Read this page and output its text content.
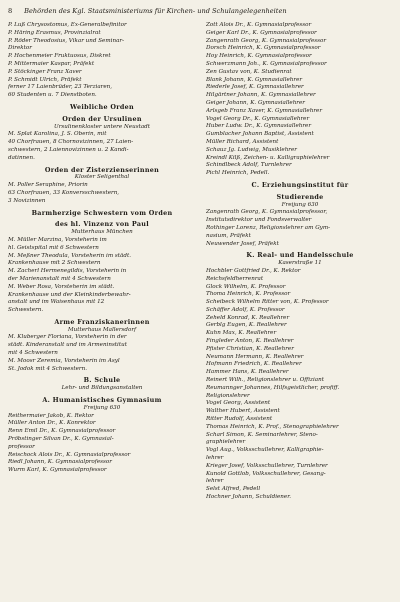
8 Behörden des Kgl. Staatsministeriums für Kirchen- und Schulangelegenheiten

P. Luß Chrysostomus, Ex-Generalbefinitor

P. Häring Erasmus, Provinzialrat

P. Röder Theodosius, Vikar und Seminar-

Direktor

P. Hochenmeier Fruktuosus, Diskret

P. Mittermaier Kaspar, Präfekt

P. Stöckinger Franz Xaver

P. Schmidt Ulrich, Präfekt

ferner 17 Laienbrüder, 23 Terziaren,

60 Studenten u. 7 Dienstboten.

Weibliche Orden

Orden der Ursulinen

Ursulinenkloster untere Neustadt

M. Splat Karolina, J. S. Oberin, mit

40 Chorfrauen, 8 Chornovizinnen, 27 Laien-

schwestern, 2 Laiennovizinnen u. 2 Kandi-

datinnen.

Orden der Zisterzienserinnen

Kloster Seligenthal

M. Poller Seraphine, Priorin

63 Chorfrauen, 33 Konversschwestern,

3 Novizinnen

Barmherzige Schwestern vom Orden

des hl. Vinzenz von Paul

Mutterhaus München

M. Müller Marzina, Vorsteherin im

hl. Geistspital mit 6 Schwestern

M. Meßner Theodula, Vorsteherin im städt.

Krankenhause mit 2 Schwestern

M. Zacherl Hermenegildis, Vorsteherin in

der Marienanstalt mit 4 Schwestern

M. Weber Rosa, Vorsteherin im städt.

Krankenhause und der Kleinkinderbewahr-

anstalt und im Waisenhaus mit 12

Schwestern.

Arme Franziskanerinnen

Mutterhaus Mallersdorf

M. Kluberger Floriana, Vorsteherin in der

städt. Kinderanstalt und im Armeninstitut

mit 4 Schwestern

M. Moosr Zeremia, Vorsteherin im Asyl

St. Jodok mit 4 Schwestern.

B. Schule

Lehr- und Bildungsanstalten

A. Humanistisches Gymnasium

Freijung 630

Reithermaier Jakob, K. Rektor

Müller Anton Dr., K. Konrektor

Renn Emil Dr., K. Gymnasialprofessor

Pröbstinger Silvan Dr., K. Gymnasial-

professor

Reischock Alois Dr., K. Gymnasialprofessor

Riedl Johann, K. Gymnasialprofessor

Wurm Karl, K. Gymnasialprofessor

Zott Alois Dr., K. Gymnasialprofessor

Geiger Karl Dr., K. Gymnasialprofessor

Zangenrath Georg, K. Gymnasialprofessor

Dorsch Heinrich, K. Gymnasialprofessor

Hoy Heinrich, K. Gymnasialprofessor

Schwerzmann Joh., K. Gymnasialprofessor

Zen Gustav von, K. Studienrat

Blank Johann, K. Gymnasiallehrer

Riederle Josef, K. Gymnasiallehrer

Hilgärtner Johann, K. Gymnasiallehrer

Geiger Johann, K. Gymnasiallehrer

Arlsgeb Franz Xaver, K. Gymnasiallehrer

Vogel Georg Dr., K. Gymnasiallehrer

Huber Ludw. Dr., K. Gymnasiallehrer

Gumblacher Johann Baptist, Assistent

Müller Richard, Assistent

Schauz Jg. Ludwig, Musiklehrer

Kreindl Kilß, Zeichen- u. Kalligraphielehrer

Schindlbeck Adolf, Turnlehrer

Pichl Heinrich, Pedell.

C. Erziehungsinstitut für

Studierende

Freijung 630

Zangenrath Georg, K. Gymnasialprofessor,

Institutsdirektor und Fondsverwalter

Rothinger Lorenz, Religionslehrer am Gym-

nasium, Präfekt

Neuwender Josef, Präfekt

K. Real- und Handelsschule

Kaserstraße 11

Hochbler Gottfried Dr., K. Rektor

Reichsfeldherrenrat

Glock Wilhelm, K. Professor

Thoma Heinrich, K. Professor

Scheibeck Wilhelm Ritter von, K. Professor

Schäffer Adolf, K. Professor

Zeheld Konrad, K. Reallehrer

Gerblg Eugen, K. Reallehrer

Kuhn Max, K. Reallehrer

Fingleder Anton, K. Reallehrer

Pfister Christian, K. Reallehrer

Neumann Hermann, K. Reallehrer

Hofmann Friedrich, K. Reallehrer

Hammer Hans, K. Reallehrer

Reinert Wilh., Religionslehrer u. Offiziant

Reumannger Johannes, Hilfsgeistlicher, profiff.

Religionslehrer

Vogel Georg, Assistent

Walther Hubert, Assistent

Ritter Rudolf, Assistent

Thomas Heinrich, K. Prof., Stenographielehrer

Scharl Simon, K. Seminarlehrer, Steno-

graphielehrer

Vogl Aug., Volksschullehrer, Kalligraphie-

lehrer

Krieger Josef, Volksschullehrer, Turnlehrer

Kunold Gottlob, Volksschullehrer, Gesang-

lehrer

Selst Alfred, Pedell

Hochner Johann, Schuldiener.
